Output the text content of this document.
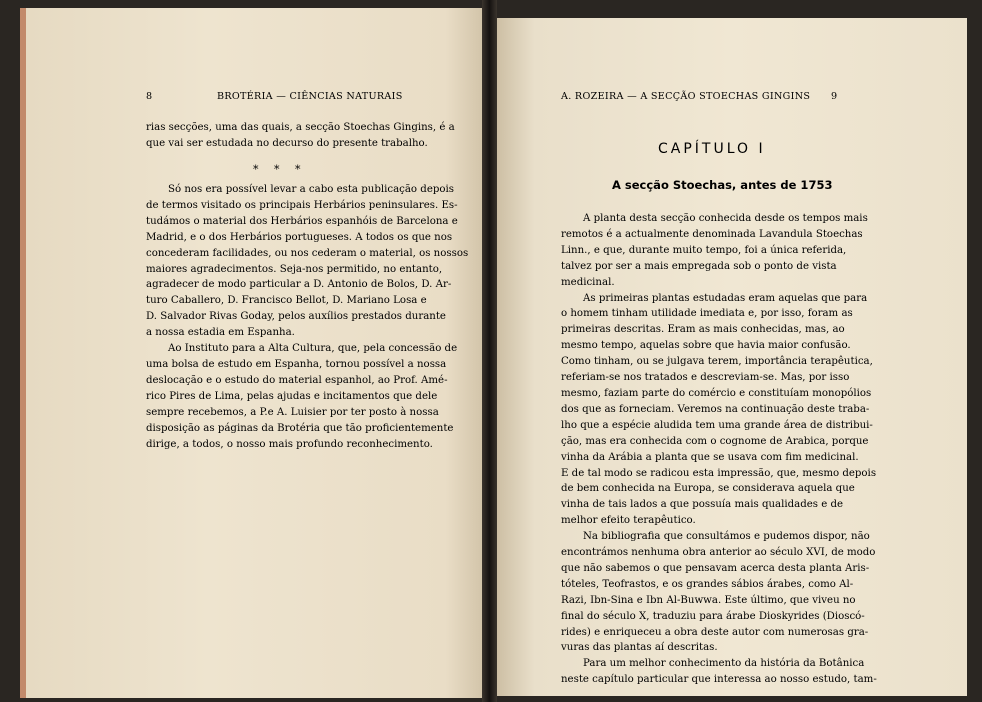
8	BROTÉRIA — CIÊNCIAS NATURAIS

rias secções, uma das quais, a secção Stoechas Gingins, é a

que vai ser estudada no decurso do presente trabalho.

* * *

Só nos era possível levar a cabo esta publicação depois

de termos visitado os principais Herbários peninsulares. Es-

tudámos o material dos Herbários espanhóis de Barcelona e

Madrid, e o dos Herbários portugueses. A todos os que nos

concederam facilidades, ou nos cederam o material, os nossos

maiores agradecimentos. Seja-nos permitido, no entanto,

agradecer de modo particular a D. Antonio de Bolos, D. Ar-

turo Caballero, D. Francisco Bellot, D. Mariano Losa e

D. Salvador Rivas Goday, pelos auxílios prestados durante

a nossa estadia em Espanha.

Ao Instituto para a Alta Cultura, que, pela concessão de

uma bolsa de estudo em Espanha, tornou possível a nossa

deslocação e o estudo do material espanhol, ao Prof. Amé-

rico Pires de Lima, pelas ajudas e incitamentos que dele

sempre recebemos, a P.e A. Luisier por ter posto à nossa

disposição as páginas da Brotéria que tão proficientemente

dirige, a todos, o nosso mais profundo reconhecimento.

A. ROZEIRA — A SECÇÃO STOECHAS GINGINS 9
CAPÍTULO I
A secção Stoechas, antes de 1753

A planta desta secção conhecida desde os tempos mais

remotos é a actualmente denominada Lavandula Stoechas

Linn., e que, durante muito tempo, foi a única referida,

talvez por ser a mais empregada sob o ponto de vista

medicinal.

As primeiras plantas estudadas eram aquelas que para

o homem tinham utilidade imediata e, por isso, foram as

primeiras descritas. Eram as mais conhecidas, mas, ao

mesmo tempo, aquelas sobre que havia maior confusão.

Como tinham, ou se julgava terem, importância terapêutica,

referiam-se nos tratados e descreviam-se. Mas, por isso

mesmo, faziam parte do comércio e constituíam monopólios

dos que as forneciam. Veremos na continuação deste traba-

lho que a espécie aludida tem uma grande área de distribui-

ção, mas era conhecida com o cognome de Arabica, porque

vinha da Arábia a planta que se usava com fim medicinal.

E de tal modo se radicou esta impressão, que, mesmo depois

de bem conhecida na Europa, se considerava aquela que

vinha de tais lados a que possuía mais qualidades e de

melhor efeito terapêutico.

Na bibliografia que consultámos e pudemos dispor, não

encontrámos nenhuma obra anterior ao século XVI, de modo

que não sabemos o que pensavam acerca desta planta Aris-

tóteles, Teofrastos, e os grandes sábios árabes, como Al-

Razi, Ibn-Sina e Ibn Al-Buwwa. Este último, que viveu no

final do século X, traduziu para árabe Dioskyrides (Dioscó-

rides) e enriqueceu a obra deste autor com numerosas gra-

vuras das plantas aí descritas.

Para um melhor conhecimento da história da Botânica

neste capítulo particular que interessa ao nosso estudo, tam-
